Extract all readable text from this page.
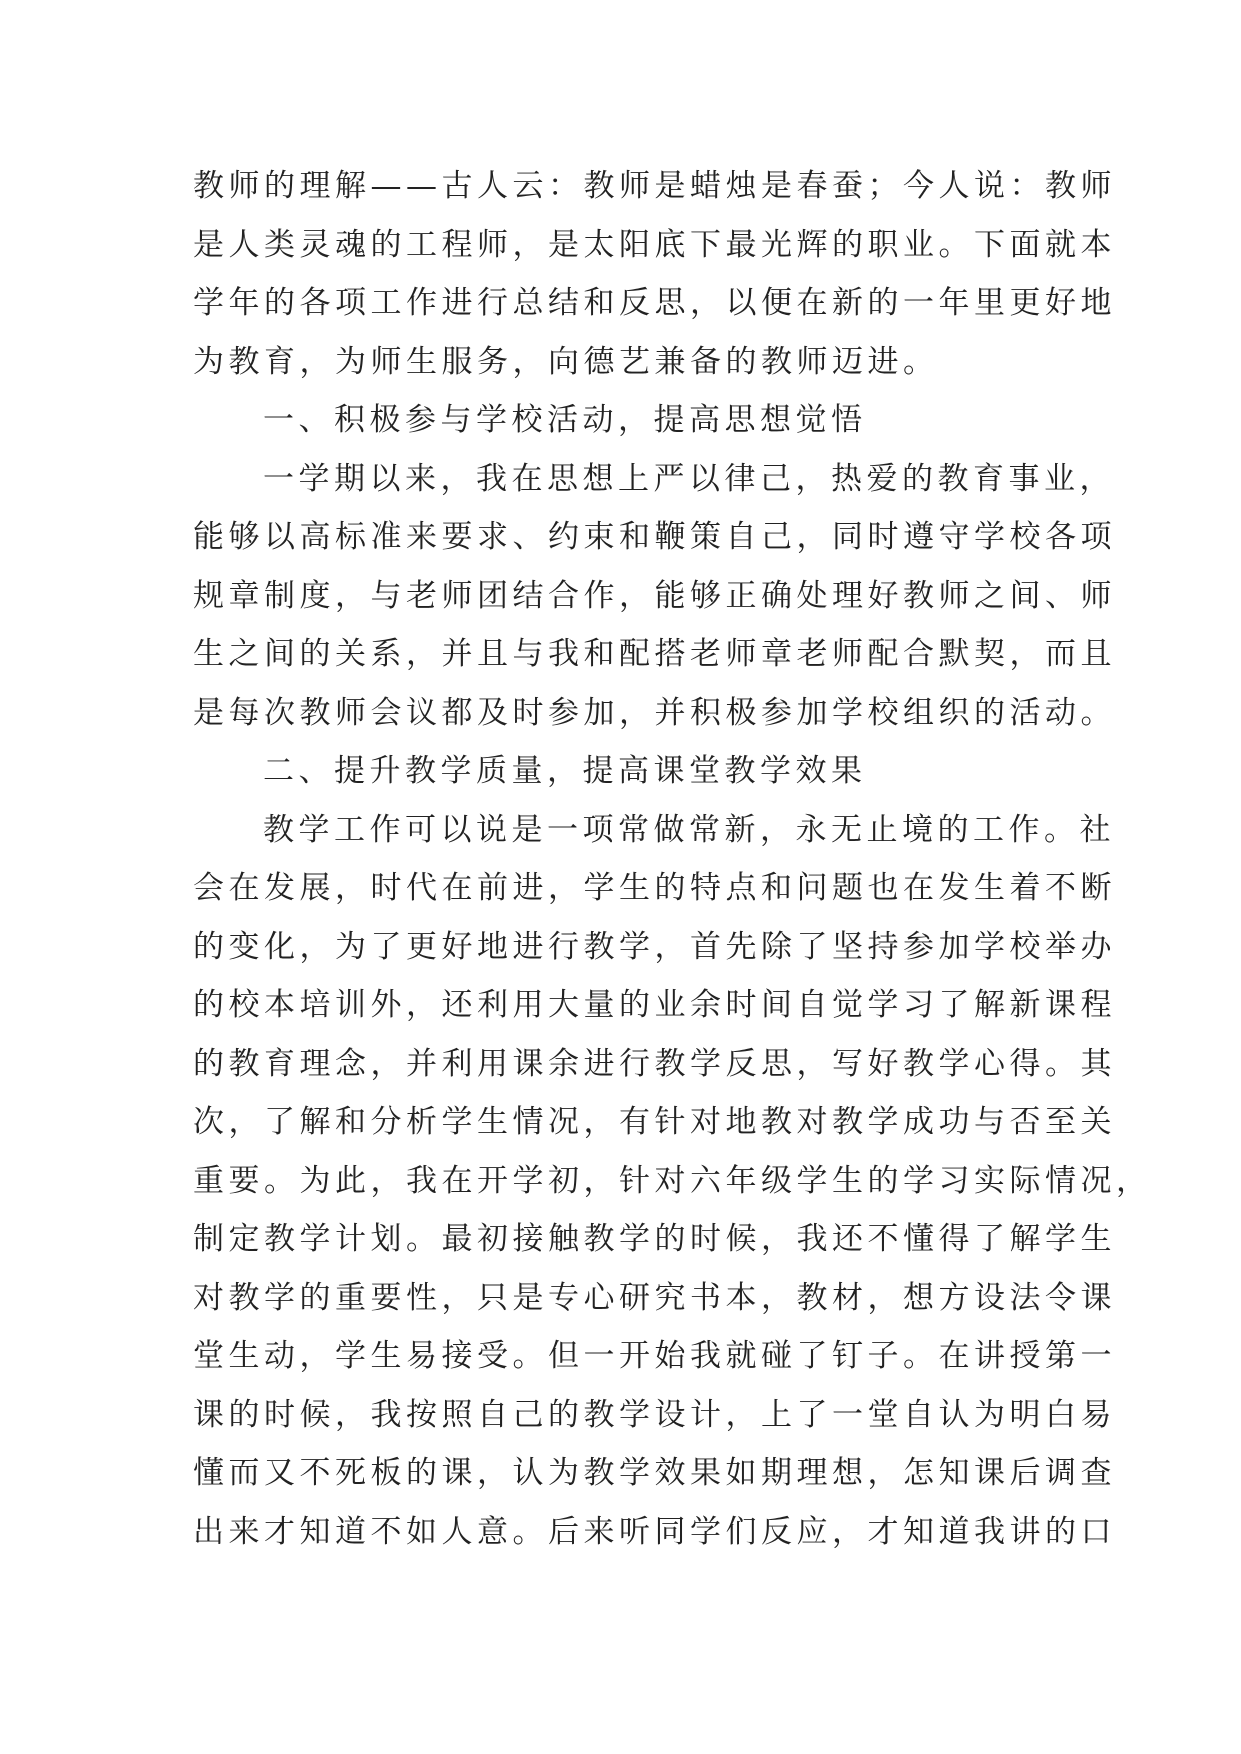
教师的理解——古人云：教师是蜡烛是春蚕；今人说：教师
是人类灵魂的工程师，是太阳底下最光辉的职业。下面就本
学年的各项工作进行总结和反思，以便在新的一年里更好地
为教育，为师生服务，向德艺兼备的教师迈进。
一、积极参与学校活动，提高思想觉悟
一学期以来，我在思想上严以律己，热爱的教育事业，
能够以高标准来要求、约束和鞭策自己，同时遵守学校各项
规章制度，与老师团结合作，能够正确处理好教师之间、师
生之间的关系，并且与我和配搭老师章老师配合默契，而且
是每次教师会议都及时参加，并积极参加学校组织的活动。
二、提升教学质量，提高课堂教学效果
教学工作可以说是一项常做常新，永无止境的工作。社
会在发展，时代在前进，学生的特点和问题也在发生着不断
的变化，为了更好地进行教学，首先除了坚持参加学校举办
的校本培训外，还利用大量的业余时间自觉学习了解新课程
的教育理念，并利用课余进行教学反思，写好教学心得。其
次，了解和分析学生情况，有针对地教对教学成功与否至关
重要。为此，我在开学初，针对六年级学生的学习实际情况，
制定教学计划。最初接触教学的时候，我还不懂得了解学生
对教学的重要性，只是专心研究书本，教材，想方设法令课
堂生动，学生易接受。但一开始我就碰了钉子。在讲授第一
课的时候，我按照自己的教学设计，上了一堂自认为明白易
懂而又不死板的课，认为教学效果如期理想，怎知课后调查
出来才知道不如人意。后来听同学们反应，才知道我讲的口
